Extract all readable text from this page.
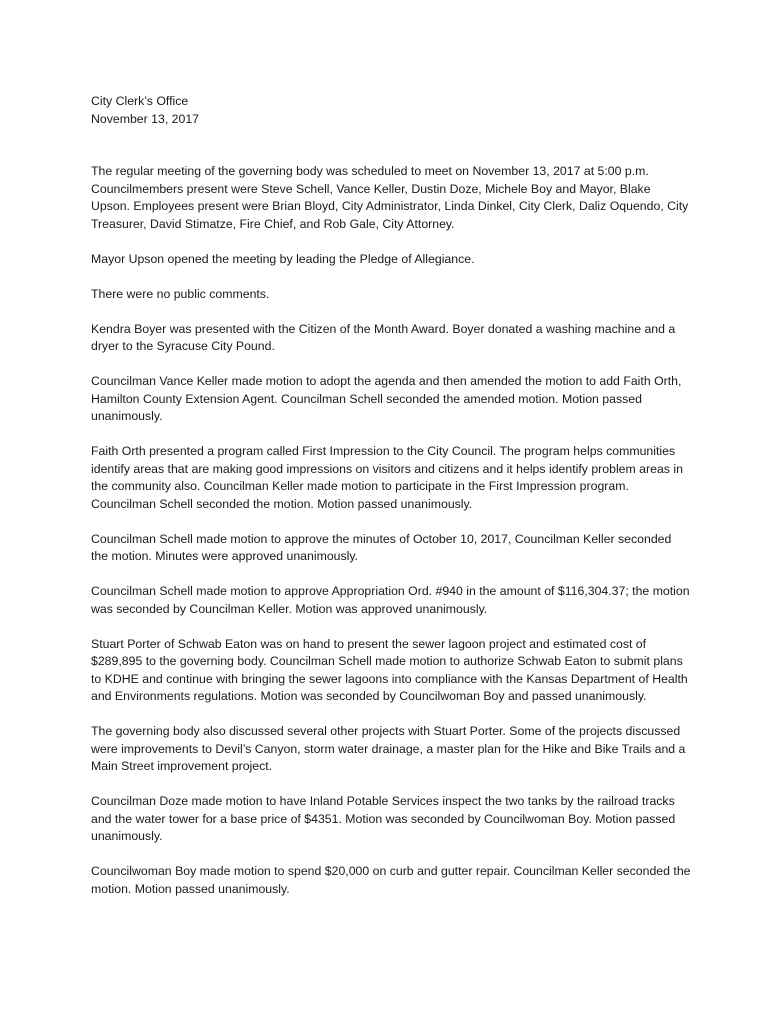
City Clerk’s Office
November 13, 2017

The regular meeting of the governing body was scheduled to meet on November 13, 2017 at 5:00 p.m. Councilmembers present were Steve Schell, Vance Keller, Dustin Doze, Michele Boy and Mayor, Blake Upson. Employees present were Brian Bloyd, City Administrator, Linda Dinkel, City Clerk, Daliz Oquendo, City Treasurer, David Stimatze, Fire Chief, and Rob Gale, City Attorney.

Mayor Upson opened the meeting by leading the Pledge of Allegiance.

There were no public comments.

Kendra Boyer was presented with the Citizen of the Month Award. Boyer donated a washing machine and a dryer to the Syracuse City Pound.

Councilman Vance Keller made motion to adopt the agenda and then amended the motion to add Faith Orth, Hamilton County Extension Agent. Councilman Schell seconded the amended motion. Motion passed unanimously.

Faith Orth presented a program called First Impression to the City Council. The program helps communities identify areas that are making good impressions on visitors and citizens and it helps identify problem areas in the community also. Councilman Keller made motion to participate in the First Impression program. Councilman Schell seconded the motion. Motion passed unanimously.

Councilman Schell made motion to approve the minutes of October 10, 2017, Councilman Keller seconded the motion. Minutes were approved unanimously.

Councilman Schell made motion to approve Appropriation Ord. #940 in the amount of $116,304.37; the motion was seconded by Councilman Keller. Motion was approved unanimously.

Stuart Porter of Schwab Eaton was on hand to present the sewer lagoon project and estimated cost of $289,895 to the governing body. Councilman Schell made motion to authorize Schwab Eaton to submit plans to KDHE and continue with bringing the sewer lagoons into compliance with the Kansas Department of Health and Environments regulations. Motion was seconded by Councilwoman Boy and passed unanimously.

The governing body also discussed several other projects with Stuart Porter. Some of the projects discussed were improvements to Devil’s Canyon, storm water drainage, a master plan for the Hike and Bike Trails and a Main Street improvement project.

Councilman Doze made motion to have Inland Potable Services inspect the two tanks by the railroad tracks and the water tower for a base price of $4351. Motion was seconded by Councilwoman Boy. Motion passed unanimously.

Councilwoman Boy made motion to spend $20,000 on curb and gutter repair. Councilman Keller seconded the motion. Motion passed unanimously.
